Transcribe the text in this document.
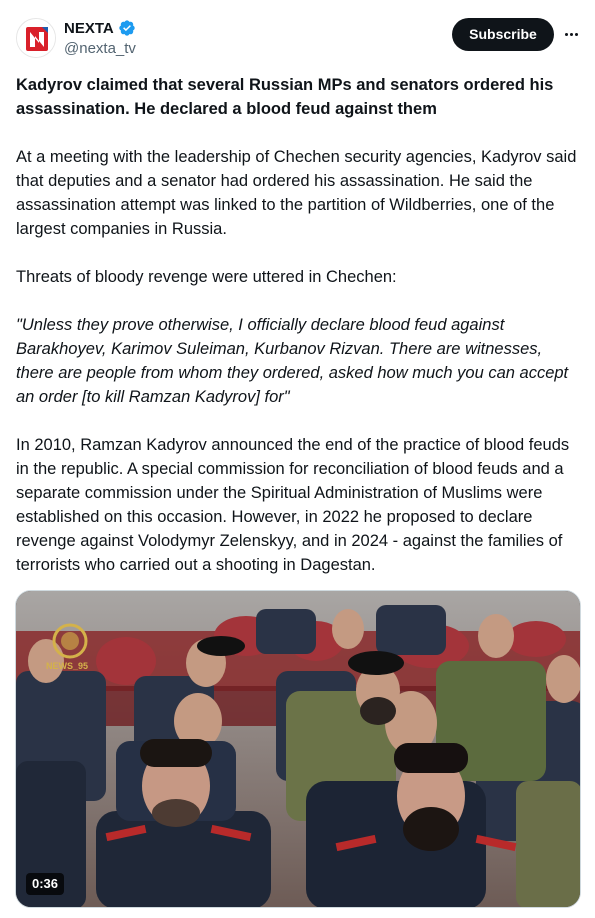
NEXTA
@nexta_tv
Subscribe

Kadyrov claimed that several Russian MPs and senators ordered his assassination. He declared a blood feud against them

At a meeting with the leadership of Chechen security agencies, Kadyrov said that deputies and a senator had ordered his assassination. He said the assassination attempt was linked to the partition of Wildberries, one of the largest companies in Russia.

Threats of bloody revenge were uttered in Chechen:

"Unless they prove otherwise, I officially declare blood feud against Barakhoyev, Karimov Suleiman, Kurbanov Rizvan. There are witnesses, there are people from whom they ordered, asked how much you can accept an order [to kill Ramzan Kadyrov] for"

In 2010, Ramzan Kadyrov announced the end of the practice of blood feuds in the republic. A special commission for reconciliation of blood feuds and a separate commission under the Spiritual Administration of Muslims were established on this occasion. However, in 2022 he proposed to declare revenge against Volodymyr Zelenskyy, and in 2024 - against the families of terrorists who carried out a shooting in Dagestan.

NEWS_95
0:36
